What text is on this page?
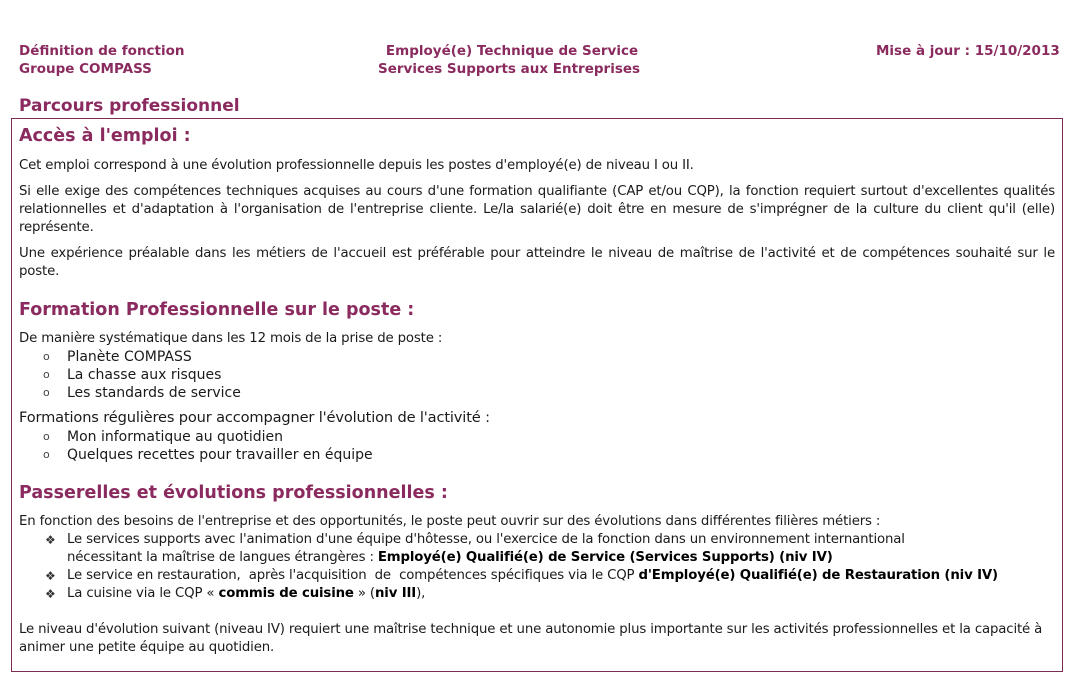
Définition de fonction
Groupe COMPASS
Employé(e) Technique de Service
Services Supports aux Entreprises
Mise à jour : 15/10/2013
Parcours professionnel
Accès à l'emploi :
Cet emploi correspond à une évolution professionnelle depuis les postes d'employé(e) de niveau I ou II.
Si elle exige des compétences techniques acquises au cours d'une formation qualifiante (CAP et/ou CQP), la fonction requiert surtout d'excellentes qualités relationnelles et d'adaptation à l'organisation de l'entreprise cliente. Le/la salarié(e) doit être en mesure de s'imprégner de la culture du client qu'il (elle) représente.
Une expérience préalable dans les métiers de l'accueil est préférable pour atteindre le niveau de maîtrise de l'activité et de compétences souhaité sur le poste.
Formation Professionnelle sur le poste :
De manière systématique dans les 12 mois de la prise de poste :
o Planète COMPASS
o La chasse aux risques
o Les standards de service
Formations régulières pour accompagner l'évolution de l'activité :
o Mon informatique au quotidien
o Quelques recettes pour travailler en équipe
Passerelles et évolutions professionnelles :
En fonction des besoins de l'entreprise et des opportunités, le poste peut ouvrir sur des évolutions dans différentes filières métiers :
❖ Le services supports avec l'animation d'une équipe d'hôtesse, ou l'exercice de la fonction dans un environnement internantional
nécessitant la maîtrise de langues étrangères : Employé(e) Qualifié(e) de Service (Services Supports) (niv IV)
❖ Le service en restauration,  après l'acquisition  de  compétences spécifiques via le CQP d'Employé(e) Qualifié(e) de Restauration (niv IV)
❖ La cuisine via le CQP « commis de cuisine » (niv III),
Le niveau d'évolution suivant (niveau IV) requiert une maîtrise technique et une autonomie plus importante sur les activités professionnelles et la capacité à animer une petite équipe au quotidien.
